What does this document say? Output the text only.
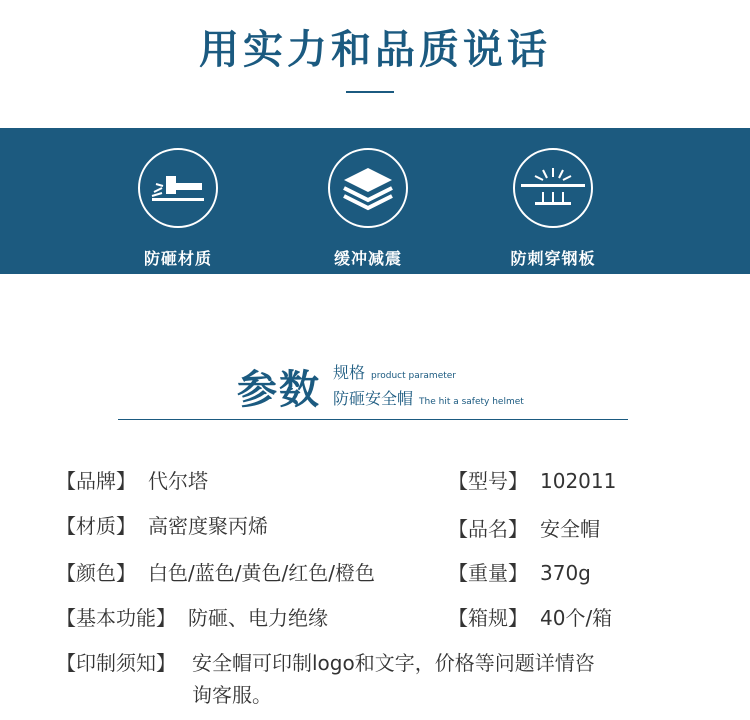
用实力和品质说话
防砸材质	缓冲减震	防刺穿钢板
参数 规格 product parameter
防砸安全帽 The hit a safety helmet
【品牌】 代尔塔	【型号】 102011
【材质】 高密度聚丙烯	【品名】 安全帽
【颜色】 白色/蓝色/黄色/红色/橙色	【重量】 370g
【基本功能】 防砸、电力绝缘	【箱规】 40个/箱
【印制须知】 安全帽可印制logo和文字，价格等问题详情咨询客服。
